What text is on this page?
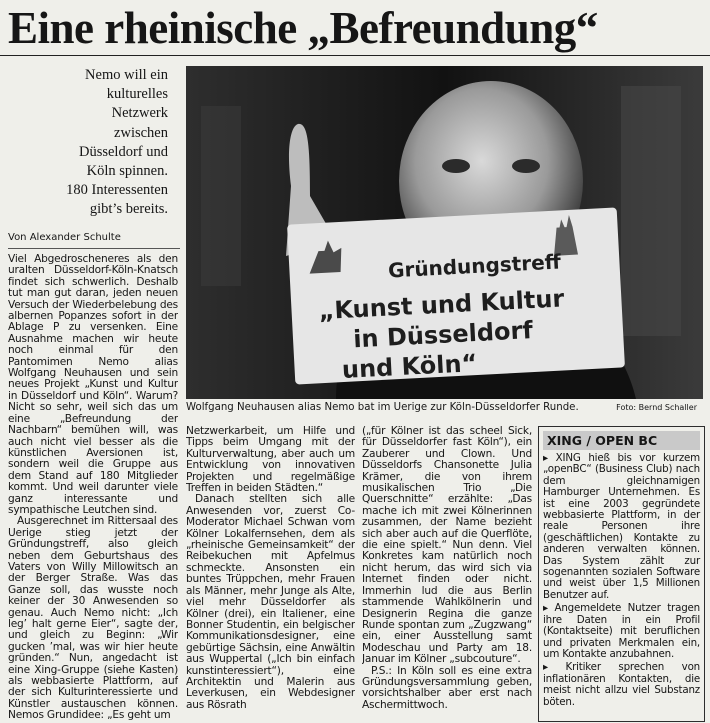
Eine rheinische „Befreundung“
Nemo will ein
kulturelles
Netzwerk
zwischen
Düsseldorf und
Köln spinnen.
180 Interessenten
gibt’s bereits.
Von Alexander Schulte
Gründungstreff
„Kunst und Kultur
in Düsseldorf
und Köln“
Wolfgang Neuhausen alias Nemo bat im Uerige zur Köln-Düsseldorfer Runde.	Foto: Bernd Schaller

Viel Abgedroscheneres als den uralten Düsseldorf-Köln-Knatsch findet sich schwerlich. Deshalb tut man gut daran, jeden neuen Versuch der Wiederbelebung des albernen Popanzes sofort in der Ablage P zu versenken. Eine Ausnahme machen wir heute noch einmal für den Pantomimen Nemo alias Wolfgang Neuhausen und sein neues Projekt „Kunst und Kultur in Düsseldorf und Köln“. Warum? Nicht so sehr, weil sich das um eine „Befreundung der Nachbarn“ bemühen will, was auch nicht viel besser als die künstlichen Aversionen ist, sondern weil die Gruppe aus dem Stand auf 180 Mitglieder kommt. Und weil darunter viele ganz interessante und sympathische Leutchen sind.

Ausgerechnet im Rittersaal des Uerige stieg jetzt der Gründungstreff, also gleich neben dem Geburtshaus des Vaters von Willy Millowitsch an der Berger Straße. Was das Ganze soll, das wusste noch keiner der 30 Anwesenden so genau. Auch Nemo nicht: „Ich leg’ halt gerne Eier“, sagte der, und gleich zu Beginn: „Wir gucken ’mal, was wir hier heute gründen.“ Nun, angedacht ist eine Xing-Gruppe (siehe Kasten) als webbasierte Plattform, auf der sich Kulturinteressierte und Künstler austauschen können. Nemos Grundidee: „Es geht um

Netzwerkarbeit, um Hilfe und Tipps beim Umgang mit der Kulturverwaltung, aber auch um Entwicklung von innovativen Projekten und regelmäßige Treffen in beiden Städten.“

Danach stellten sich alle Anwesenden vor, zuerst Co-Moderator Michael Schwan vom Kölner Lokalfernsehen, dem als „rheinische Gemeinsamkeit“ der Reibekuchen mit Apfelmus schmeckte. Ansonsten ein buntes Trüppchen, mehr Frauen als Männer, mehr Junge als Alte, viel mehr Düsseldorfer als Kölner (drei), ein Italiener, eine Bonner Studentin, ein belgischer Kommunikationsdesigner, eine gebürtige Sächsin, eine Anwältin aus Wuppertal („Ich bin einfach kunstinteressiert“), eine Architektin und Malerin aus Leverkusen, ein Webdesigner aus Rösrath

(„für Kölner ist das scheel Sick, für Düsseldorfer fast Köln“), ein Zauberer und Clown. Und Düsseldorfs Chansonette Julia Krämer, die von ihrem musikalischen Trio „Die Querschnitte“ erzählte: „Das mache ich mit zwei Kölnerinnen zusammen, der Name bezieht sich aber auch auf die Querflöte, die eine spielt.“ Nun denn. Viel Konkretes kam natürlich noch nicht herum, das wird sich via Internet finden oder nicht. Immerhin lud die aus Berlin stammende Wahlkölnerin und Designerin Regina die ganze Runde spontan zum „Zugzwang“ ein, einer Ausstellung samt Modeschau und Party am 18. Januar im Kölner „subcouture“.

P.S.: In Köln soll es eine extra Gründungsversammlung geben, vorsichtshalber aber erst nach Aschermittwoch.

XING / OPEN BC
▸ XING hieß bis vor kurzem „openBC“ (Business Club) nach dem gleichnamigen Hamburger Unternehmen. Es ist eine 2003 gegründete webbasierte Plattform, in der reale Personen ihre (geschäftlichen) Kontakte zu anderen verwalten können. Das System zählt zur sogenannten sozialen Software und weist über 1,5 Millionen Benutzer auf.
▸ Angemeldete Nutzer tragen ihre Daten in ein Profil (Kontaktseite) mit beruflichen und privaten Merkmalen ein, um Kontakte anzubahnen.
▸ Kritiker sprechen von inflationären Kontakten, die meist nicht allzu viel Substanz böten.
